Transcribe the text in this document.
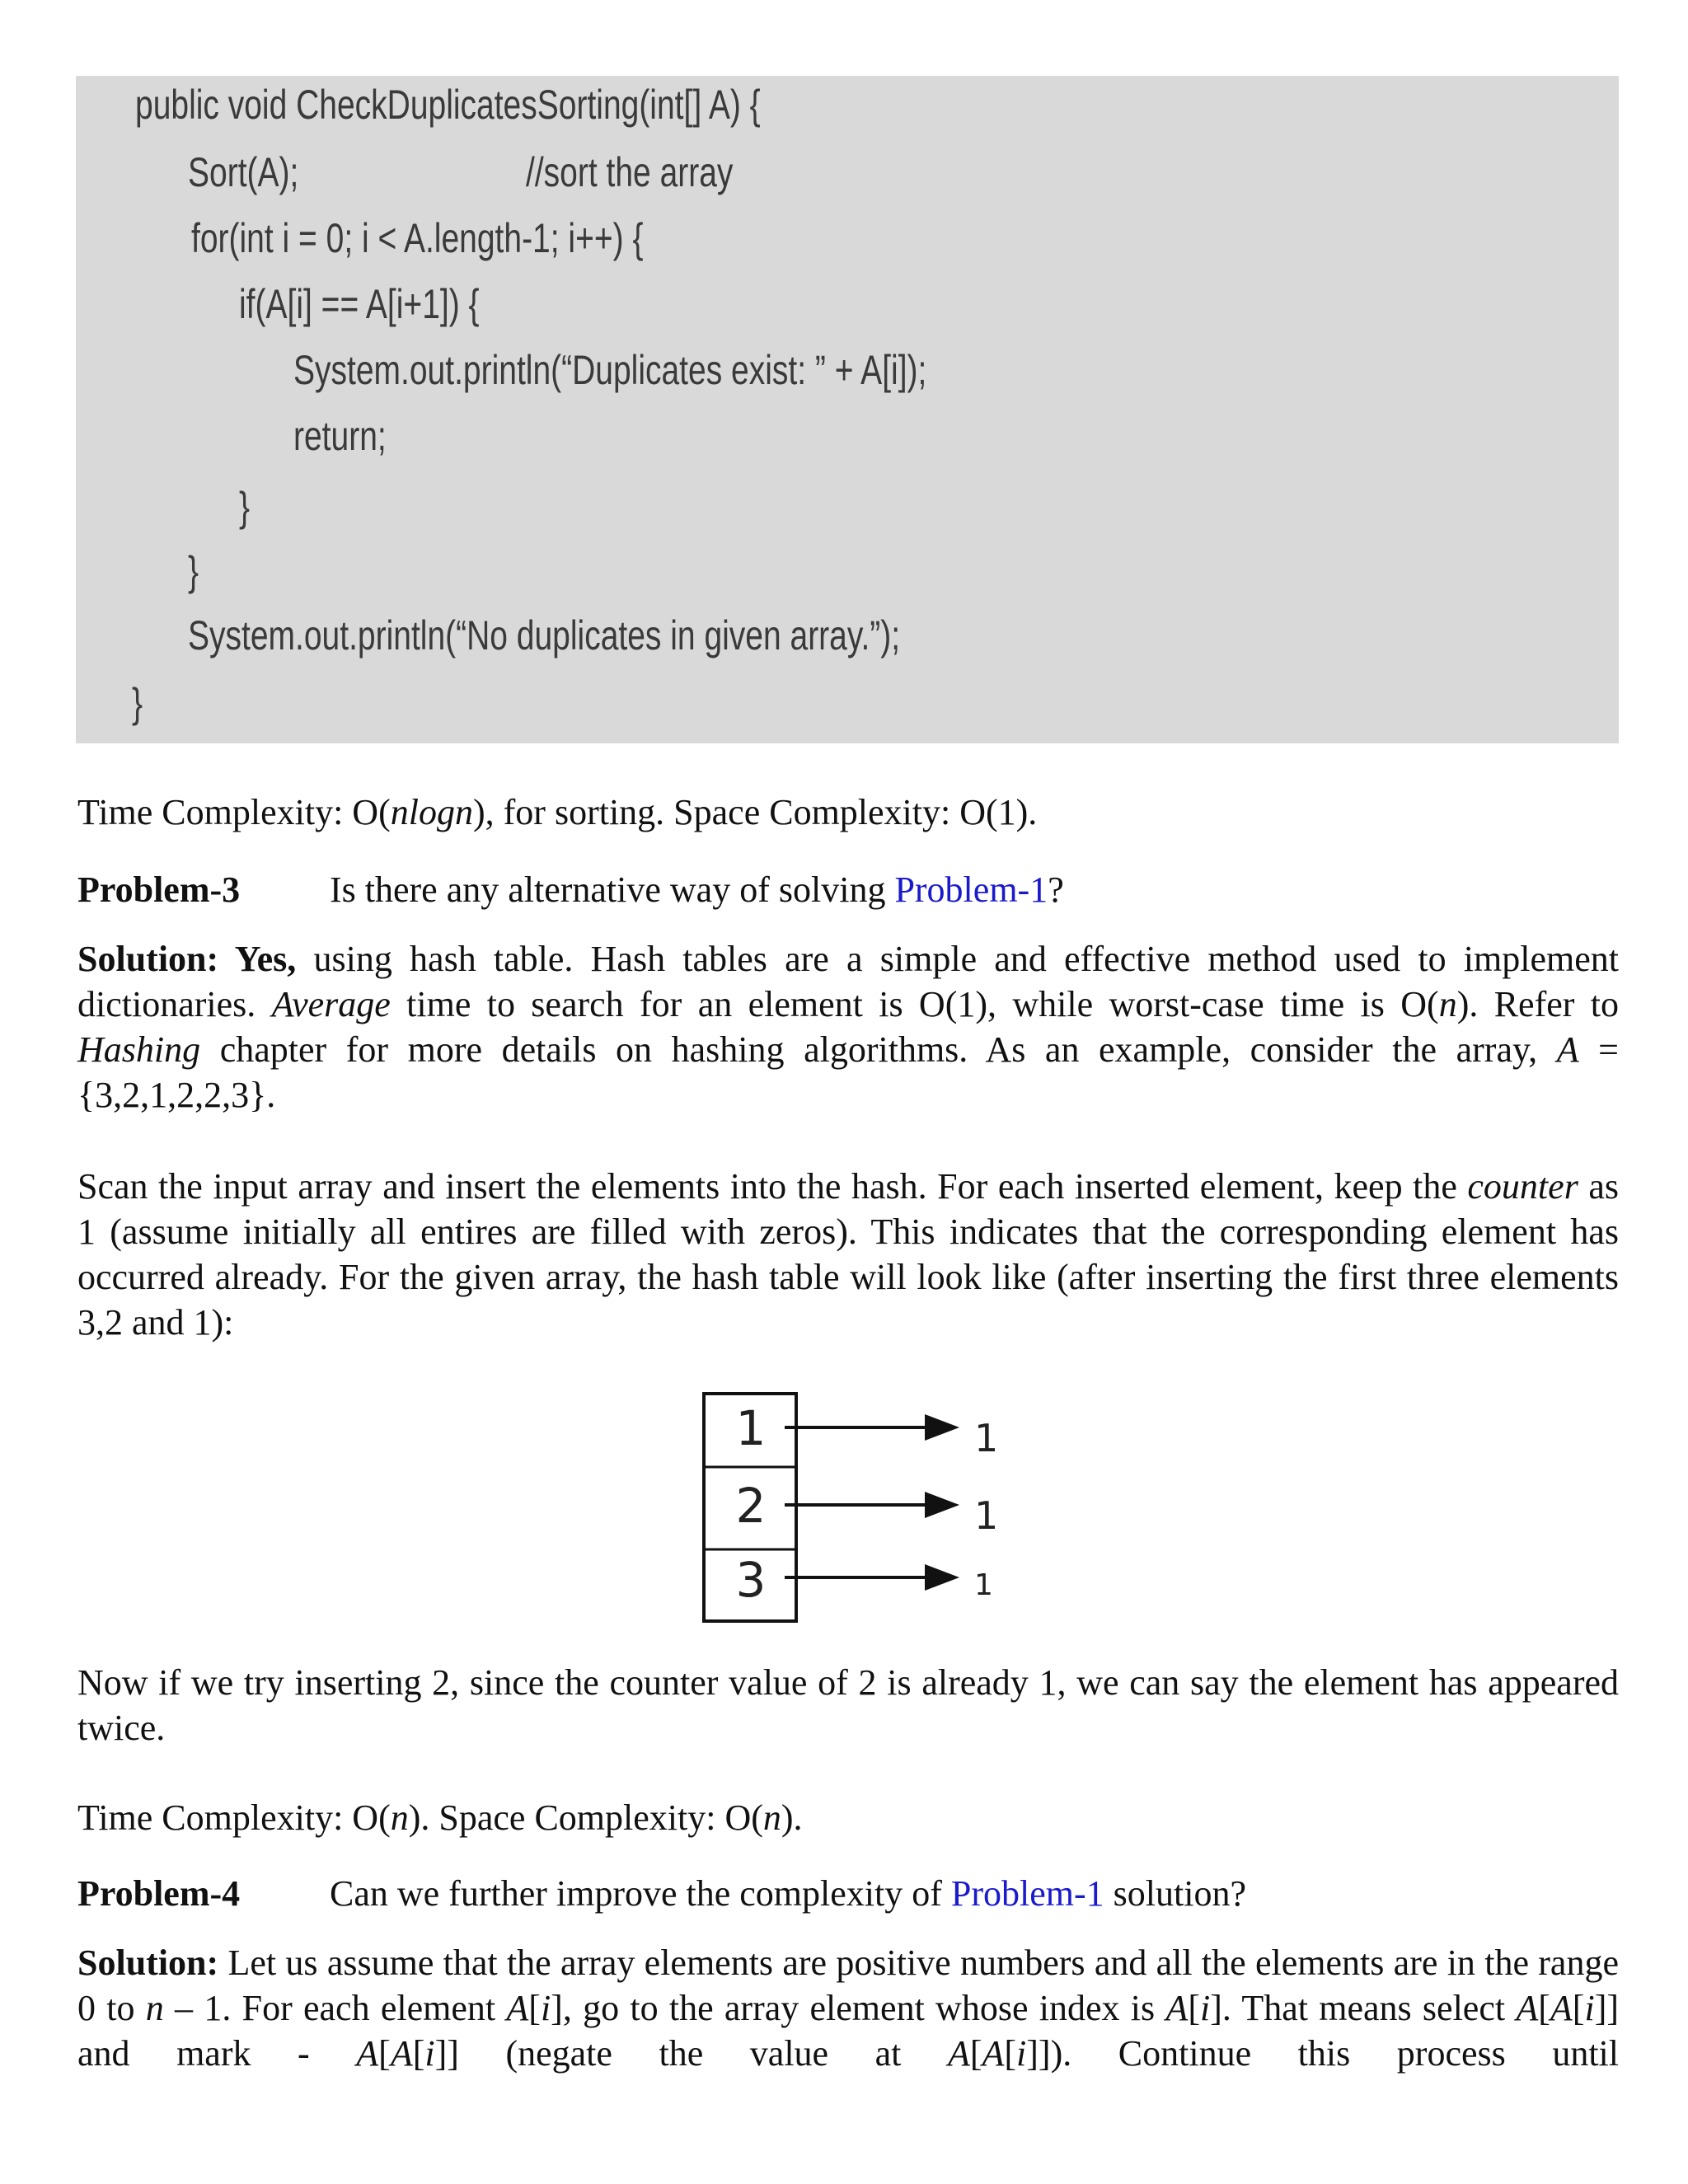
public void CheckDuplicatesSorting(int[] A) {
Sort(A);	//sort the array
for(int i = 0; i < A.length-1; i++) {
if(A[i] == A[i+1]) {
System.out.println(“Duplicates exist: ” + A[i]);
return;
}
}
System.out.println(“No duplicates in given array.”);
}

Time Complexity: O(nlogn), for sorting. Space Complexity: O(1).

Problem-3 Is there any alternative way of solving Problem-1?

Solution: Yes, using hash table. Hash tables are a simple and effective method used to implement dictionaries. Average time to search for an element is O(1), while worst-case time is O(n). Refer to Hashing chapter for more details on hashing algorithms. As an example, consider the array, A = {3,2,1,2,2,3}.

Scan the input array and insert the elements into the hash. For each inserted element, keep the counter as 1 (assume initially all entires are filled with zeros). This indicates that the corresponding element has occurred already. For the given array, the hash table will look like (after inserting the first three elements 3,2 and 1):

1
2
3
1
1
1

Now if we try inserting 2, since the counter value of 2 is already 1, we can say the element has appeared twice.

Time Complexity: O(n). Space Complexity: O(n).

Problem-4 Can we further improve the complexity of Problem-1 solution?

Solution: Let us assume that the array elements are positive numbers and all the elements are in the range 0 to n – 1. For each element A[i], go to the array element whose index is A[i]. That means select A[A[i]] and mark - A[A[i]] (negate the value at A[A[i]]). Continue this process until
